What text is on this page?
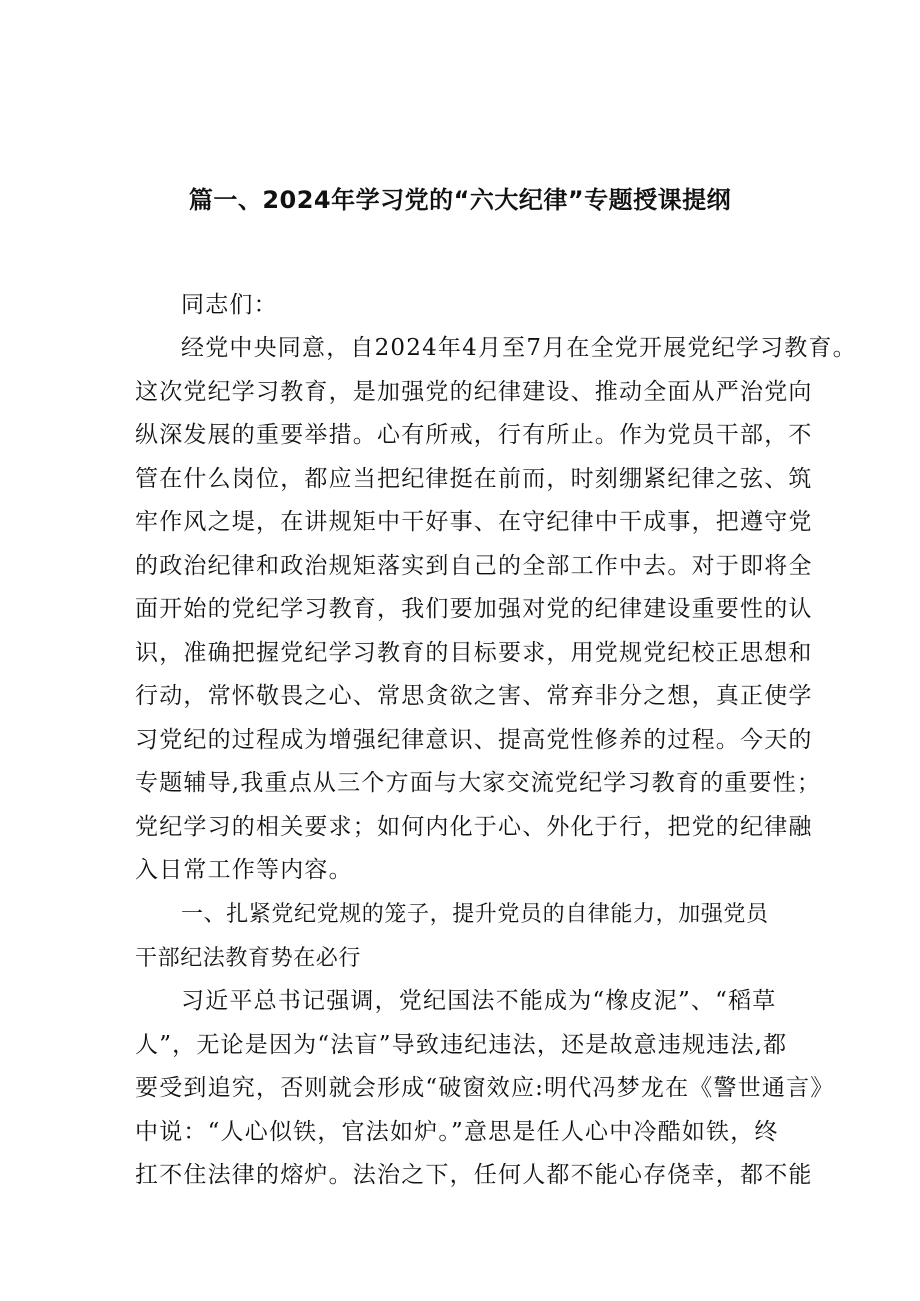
篇一、2024年学习党的“六大纪律”专题授课提纲
同志们：
经党中央同意，自2024年4月至7月在全党开展党纪学习教育。
这次党纪学习教育，是加强党的纪律建设、推动全面从严治党向
纵深发展的重要举措。心有所戒，行有所止。作为党员干部，不
管在什么岗位，都应当把纪律挺在前而，时刻绷紧纪律之弦、筑
牢作风之堤，在讲规矩中干好事、在守纪律中干成事，把遵守党
的政治纪律和政治规矩落实到自己的全部工作中去。对于即将全
面开始的党纪学习教育，我们要加强对党的纪律建设重要性的认
识，准确把握党纪学习教育的目标要求，用党规党纪校正思想和
行动，常怀敬畏之心、常思贪欲之害、常弃非分之想，真正使学
习党纪的过程成为增强纪律意识、提高党性修养的过程。今天的
专题辅导,我重点从三个方面与大家交流党纪学习教育的重要性；
党纪学习的相关要求；如何内化于心、外化于行，把党的纪律融
入日常工作等内容。
一、扎紧党纪党规的笼子，提升党员的自律能力，加强党员
干部纪法教育势在必行
习近平总书记强调，党纪国法不能成为“橡皮泥”、“稻草
人”，无论是因为“法盲”导致违纪违法，还是故意违规违法,都
要受到追究，否则就会形成“破窗效应:明代冯梦龙在《警世通言》
中说：“人心似铁，官法如炉。”意思是任人心中冷酷如铁，终
扛不住法律的熔炉。法治之下，任何人都不能心存侥幸，都不能
